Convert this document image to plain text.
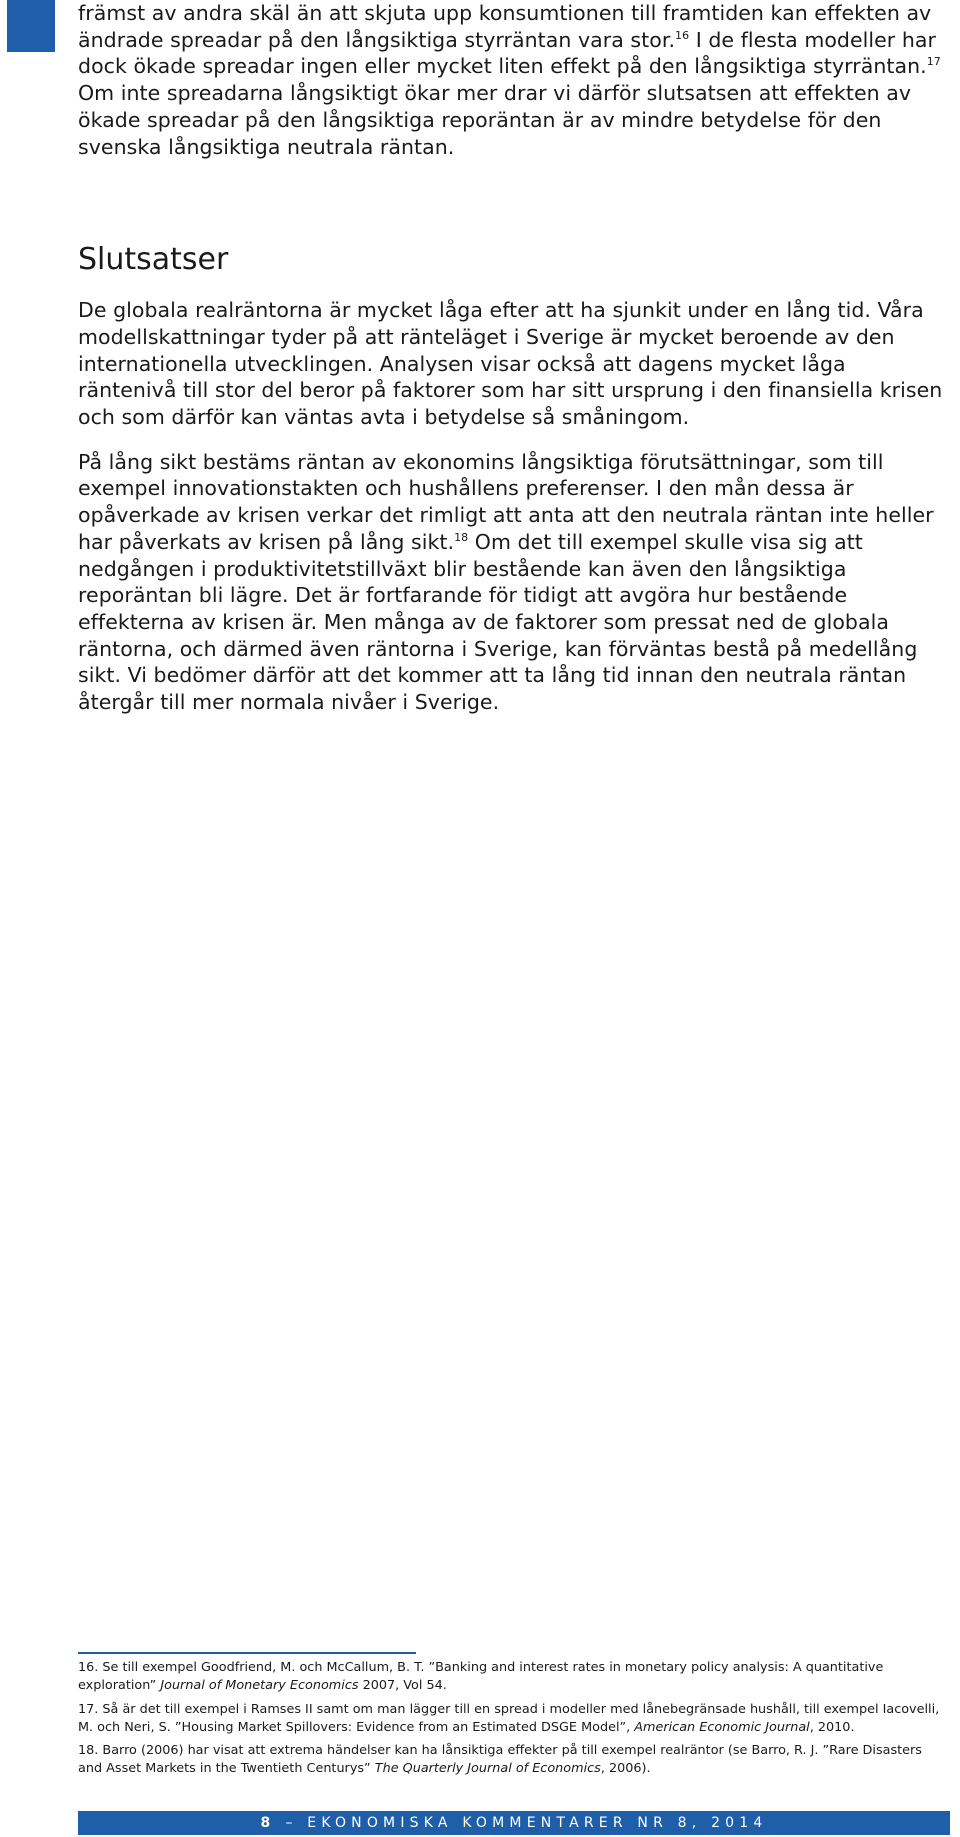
främst av andra skäl än att skjuta upp konsumtionen till framtiden kan effekten av ändrade spreadar på den långsiktiga styrräntan vara stor.$^{16}$ I de flesta modeller har dock ökade spreadar ingen eller mycket liten effekt på den långsiktiga styrräntan.$^{17}$ Om inte spreadarna långsiktigt ökar mer drar vi därför slutsatsen att effekten av ökade spreadar på den långsiktiga reporäntan är av mindre betydelse för den svenska långsiktiga neutrala räntan.

Slutsatser

De globala realräntorna är mycket låga efter att ha sjunkit under en lång tid. Våra modellskattningar tyder på att ränteläget i Sverige är mycket beroende av den internationella utvecklingen. Analysen visar också att dagens mycket låga räntenivå till stor del beror på faktorer som har sitt ursprung i den finansiella krisen och som därför kan väntas avta i betydelse så småningom.

På lång sikt bestäms räntan av ekonomins långsiktiga förutsättningar, som till exempel innovationstakten och hushållens preferenser. I den mån dessa är opåverkade av krisen verkar det rimligt att anta att den neutrala räntan inte heller har påverkats av krisen på lång sikt.$^{18}$ Om det till exempel skulle visa sig att nedgången i produktivitetstillväxt blir bestående kan även den långsiktiga reporäntan bli lägre. Det är fortfarande för tidigt att avgöra hur bestående effekterna av krisen är. Men många av de faktorer som pressat ned de globala räntorna, och därmed även räntorna i Sverige, kan förväntas bestå på medellång sikt. Vi bedömer därför att det kommer att ta lång tid innan den neutrala räntan återgår till mer normala nivåer i Sverige.

16. Se till exempel Goodfriend, M. och McCallum, B. T. ”Banking and interest rates in monetary policy analysis: A quantitative exploration” Journal of Monetary Economics 2007, Vol 54.

17. Så är det till exempel i Ramses II samt om man lägger till en spread i modeller med lånebegränsade hushåll, till exempel Iacovelli, M. och Neri, S. ”Housing Market Spillovers: Evidence from an Estimated DSGE Model”, American Economic Journal, 2010.

18. Barro (2006) har visat att extrema händelser kan ha lånsiktiga effekter på till exempel realräntor (se Barro, R. J. ”Rare Disasters and Asset Markets in the Twentieth Centurys” The Quarterly Journal of Economics, 2006).

8 – EKONOMISKA KOMMENTARER NR 8, 2014
